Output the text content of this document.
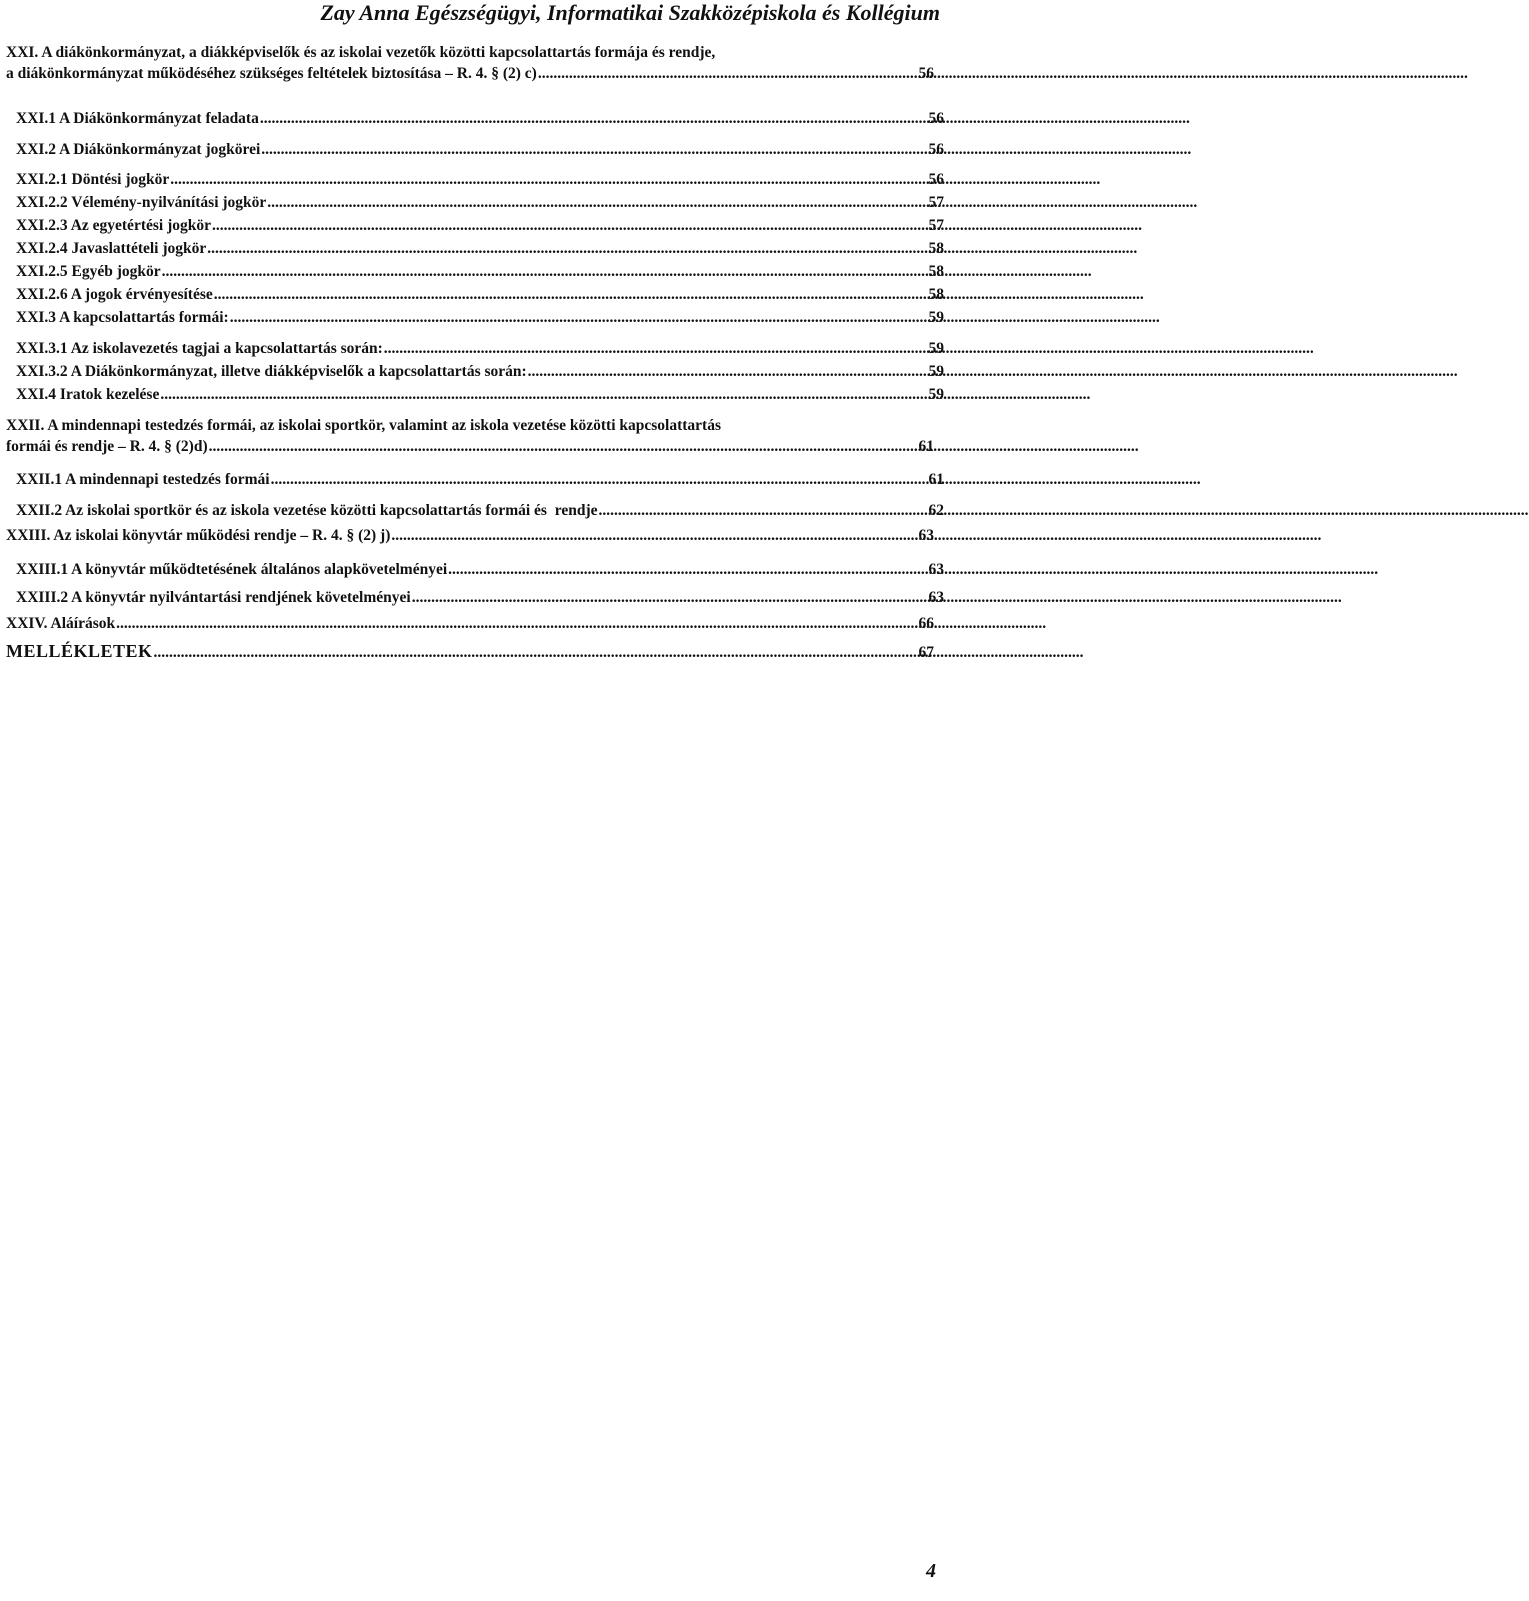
Zay Anna Egészségügyi, Informatikai Szakközépiskola és Kollégium
XXI. A diákönkormányzat, a diákképviselők és az iskolai vezetők közötti kapcsolattartás formája és rendje,
a diákönkormányzat működéséhez szükséges feltételek biztosítása – R. 4. § (2) c) .....	56
XXI.1 A Diákönkormányzat feladata .....	56
XXI.2 A Diákönkormányzat jogkörei .....	56
XXI.2.1 Döntési jogkör .....	56
XXI.2.2 Vélemény-nyilvánítási jogkör .....	57
XXI.2.3 Az egyetértési jogkör .....	57
XXI.2.4 Javaslattételi jogkör .....	58
XXI.2.5 Egyéb jogkör .....	58
XXI.2.6 A jogok érvényesítése .....	58
XXI.3 A kapcsolattartás formái: .....	59
XXI.3.1 Az iskolavezetés tagjai a kapcsolattartás során: .....	59
XXI.3.2 A Diákönkormányzat, illetve diákképviselők a kapcsolattartás során: .....	59
XXI.4 Iratok kezelése .....	59
XXII. A mindennapi testedzés formái, az iskolai sportkör, valamint az iskola vezetése közötti kapcsolattartás
formái és rendje – R. 4. § (2)d) .....	61
XXII.1 A mindennapi testedzés formái .....	61
XXII.2 Az iskolai sportkör és az iskola vezetése közötti kapcsolattartás formái és rendje .....	62
XXIII. Az iskolai könyvtár működési rendje – R. 4. § (2) j) .....	63
XXIII.1 A könyvtár működtetésének általános alapkövetelményei .....	63
XXIII.2 A könyvtár nyilvántartási rendjének követelményei .....	63
XXIV. Aláírások .....	66
MELLÉKLETEK .....	67
4
